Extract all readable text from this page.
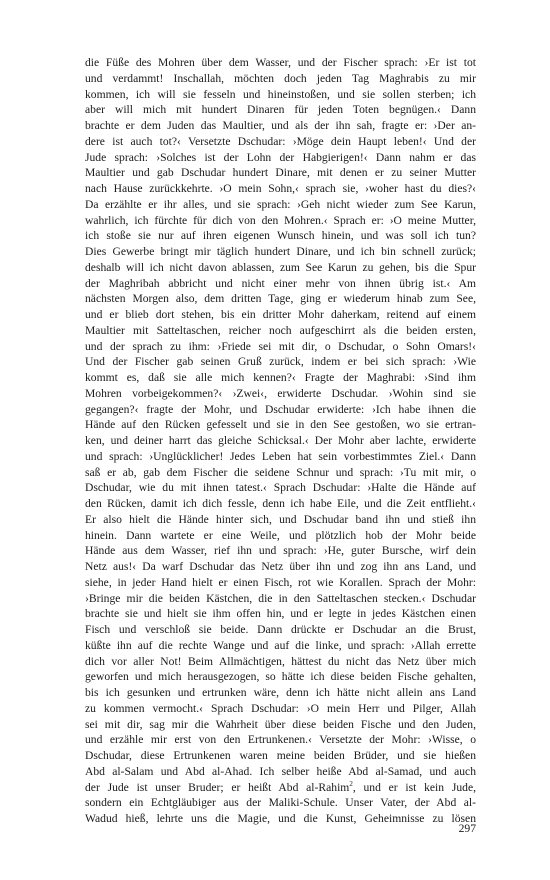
die Füße des Mohren über dem Wasser, und der Fischer sprach: ›Er ist tot
und verdammt! Inschallah, möchten doch jeden Tag Maghrabis zu mir
kommen, ich will sie fesseln und hineinstoßen, und sie sollen sterben; ich
aber will mich mit hundert Dinaren für jeden Toten begnügen.‹ Dann
brachte er dem Juden das Maultier, und als der ihn sah, fragte er: ›Der an-
dere ist auch tot?‹ Versetzte Dschudar: ›Möge dein Haupt leben!‹ Und der
Jude sprach: ›Solches ist der Lohn der Habgierigen!‹ Dann nahm er das
Maultier und gab Dschudar hundert Dinare, mit denen er zu seiner Mutter
nach Hause zurückkehrte. ›O mein Sohn,‹ sprach sie, ›woher hast du dies?‹
Da erzählte er ihr alles, und sie sprach: ›Geh nicht wieder zum See Karun,
wahrlich, ich fürchte für dich von den Mohren.‹ Sprach er: ›O meine Mutter,
ich stoße sie nur auf ihren eigenen Wunsch hinein, und was soll ich tun?
Dies Gewerbe bringt mir täglich hundert Dinare, und ich bin schnell zurück;
deshalb will ich nicht davon ablassen, zum See Karun zu gehen, bis die Spur
der Maghribah abbricht und nicht einer mehr von ihnen übrig ist.‹ Am
nächsten Morgen also, dem dritten Tage, ging er wiederum hinab zum See,
und er blieb dort stehen, bis ein dritter Mohr daherkam, reitend auf einem
Maultier mit Satteltaschen, reicher noch aufgeschirrt als die beiden ersten,
und der sprach zu ihm: ›Friede sei mit dir, o Dschudar, o Sohn Omars!‹
Und der Fischer gab seinen Gruß zurück, indem er bei sich sprach: ›Wie
kommt es, daß sie alle mich kennen?‹ Fragte der Maghrabi: ›Sind ihm
Mohren vorbeigekommen?‹ ›Zwei‹, erwiderte Dschudar. ›Wohin sind sie
gegangen?‹ fragte der Mohr, und Dschudar erwiderte: ›Ich habe ihnen die
Hände auf den Rücken gefesselt und sie in den See gestoßen, wo sie ertran-
ken, und deiner harrt das gleiche Schicksal.‹ Der Mohr aber lachte, erwiderte
und sprach: ›Unglücklicher! Jedes Leben hat sein vorbestimmtes Ziel.‹ Dann
saß er ab, gab dem Fischer die seidene Schnur und sprach: ›Tu mit mir, o
Dschudar, wie du mit ihnen tatest.‹ Sprach Dschudar: ›Halte die Hände auf
den Rücken, damit ich dich fessle, denn ich habe Eile, und die Zeit entflieht.‹
Er also hielt die Hände hinter sich, und Dschudar band ihn und stieß ihn
hinein. Dann wartete er eine Weile, und plötzlich hob der Mohr beide
Hände aus dem Wasser, rief ihn und sprach: ›He, guter Bursche, wirf dein
Netz aus!‹ Da warf Dschudar das Netz über ihn und zog ihn ans Land, und
siehe, in jeder Hand hielt er einen Fisch, rot wie Korallen. Sprach der Mohr:
›Bringe mir die beiden Kästchen, die in den Satteltaschen stecken.‹ Dschudar
brachte sie und hielt sie ihm offen hin, und er legte in jedes Kästchen einen
Fisch und verschloß sie beide. Dann drückte er Dschudar an die Brust,
küßte ihn auf die rechte Wange und auf die linke, und sprach: ›Allah errette
dich vor aller Not! Beim Allmächtigen, hättest du nicht das Netz über mich
geworfen und mich herausgezogen, so hätte ich diese beiden Fische gehalten,
bis ich gesunken und ertrunken wäre, denn ich hätte nicht allein ans Land
zu kommen vermocht.‹ Sprach Dschudar: ›O mein Herr und Pilger, Allah
sei mit dir, sag mir die Wahrheit über diese beiden Fische und den Juden,
und erzähle mir erst von den Ertrunkenen.‹ Versetzte der Mohr: ›Wisse, o
Dschudar, diese Ertrunkenen waren meine beiden Brüder, und sie hießen
Abd al-Salam und Abd al-Ahad. Ich selber heiße Abd al-Samad, und auch
der Jude ist unser Bruder; er heißt Abd al-Rahim$^2$, und er ist kein Jude,
sondern ein Echtgläubiger aus der Maliki-Schule. Unser Vater, der Abd al-
Wadud hieß, lehrte uns die Magie, und die Kunst, Geheimnisse zu lösen
297
